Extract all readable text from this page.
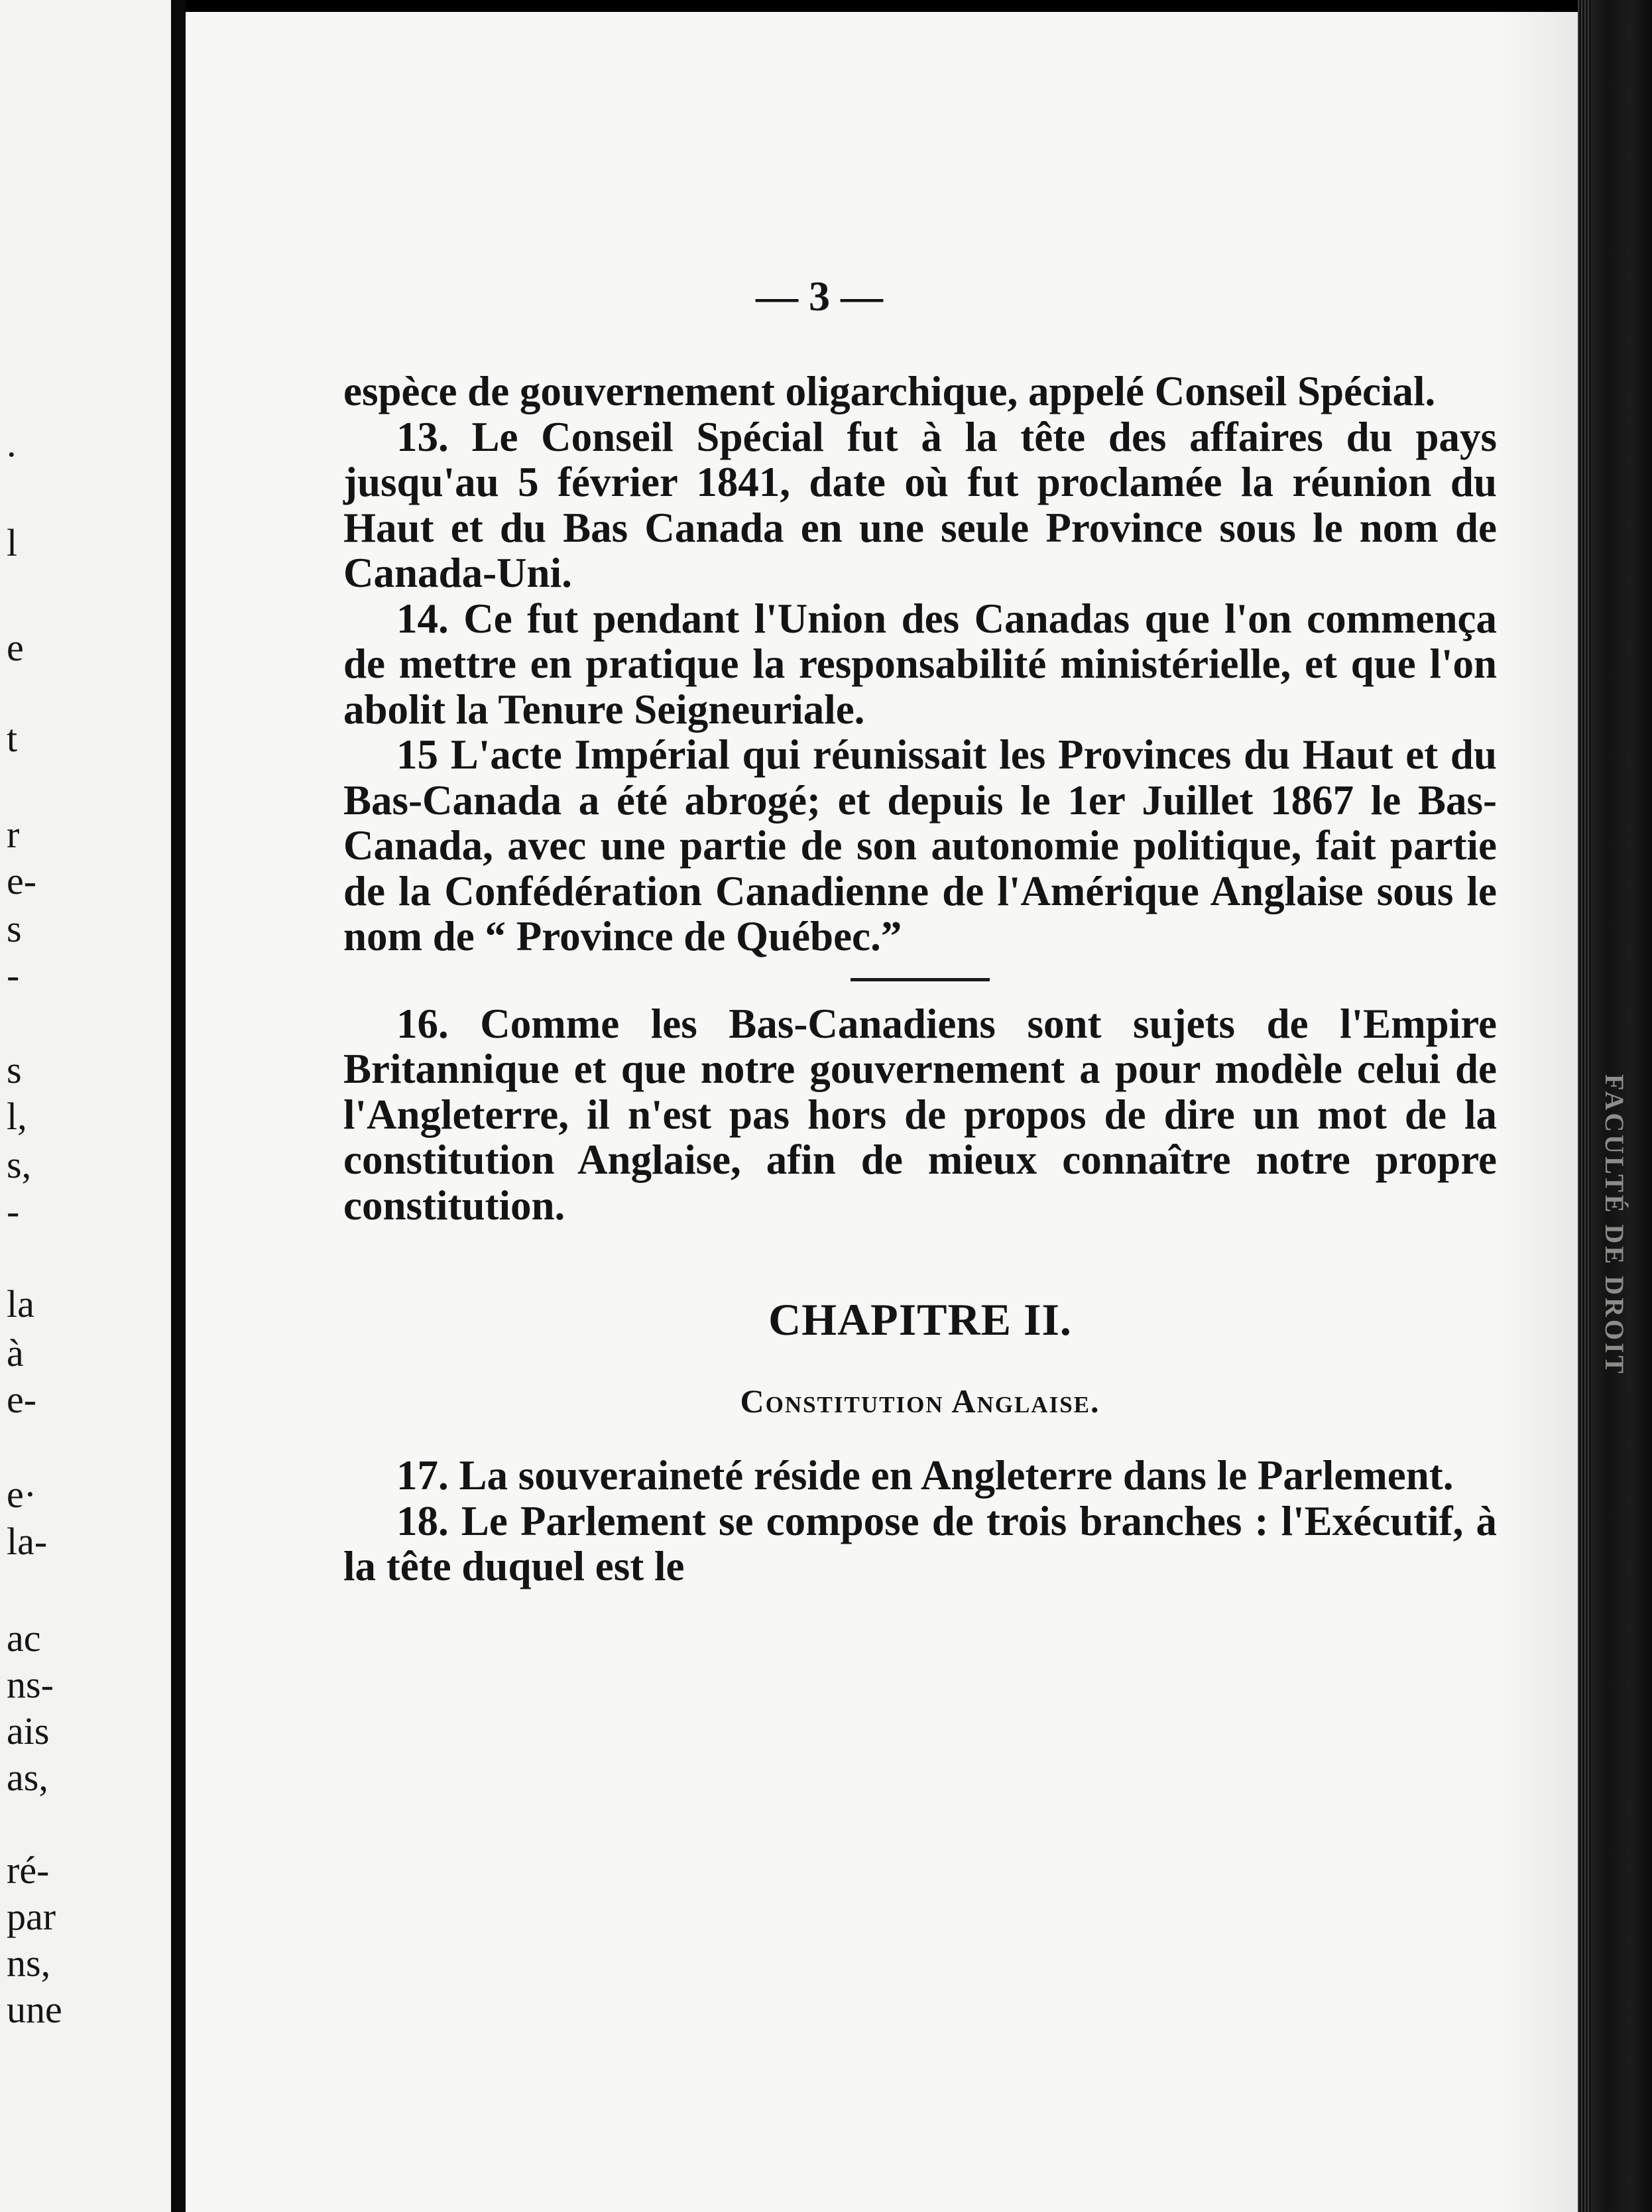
.
l
e
t
r
e-
s
-
s
l,
s,
-
la
à
e-
e·
la-
ac
ns-
ais
as,
ré-
par
ns,
une
— 3 —

espèce de gouvernement oligarchique, appelé Conseil Spécial.

13. Le Conseil Spécial fut à la tête des affaires du pays jusqu'au 5 février 1841, date où fut proclamée la réunion du Haut et du Bas Canada en une seule Province sous le nom de Canada-Uni.

14. Ce fut pendant l'Union des Canadas que l'on commença de mettre en pratique la responsabilité ministérielle, et que l'on abolit la Tenure Seigneuriale.

15 L'acte Impérial qui réunissait les Provinces du Haut et du Bas-Canada a été abrogé; et depuis le 1er Juillet 1867 le Bas-Canada, avec une partie de son autonomie politique, fait partie de la Confédération Canadienne de l'Amérique Anglaise sous le nom de “ Province de Québec.”

16. Comme les Bas-Canadiens sont sujets de l'Empire Britannique et que notre gouvernement a pour modèle celui de l'Angleterre, il n'est pas hors de propos de dire un mot de la constitution Anglaise, afin de mieux connaître notre propre constitution.

CHAPITRE II.
Constitution Anglaise.

17. La souveraineté réside en Angleterre dans le Parlement.

18. Le Parlement se compose de trois branches : l'Exécutif, à la tête duquel est le

FACULTÉ DE DROIT
